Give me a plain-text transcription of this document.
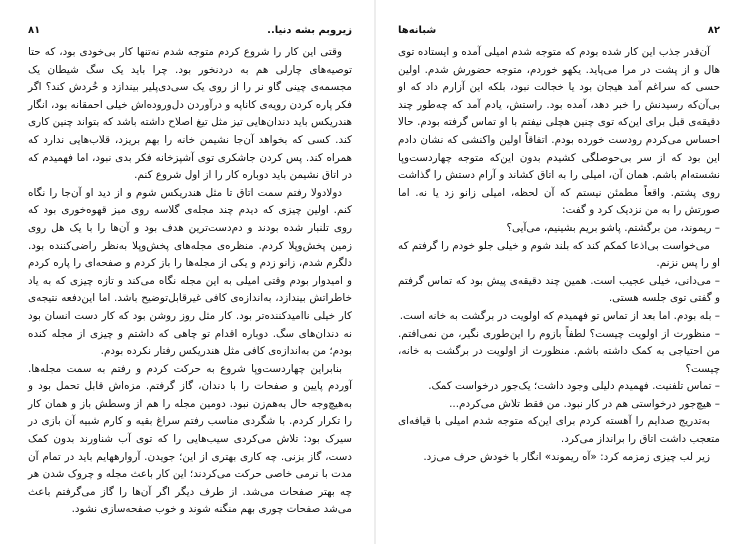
زیروبم بشه دنیا..
۸۱

وقتی این کار را شروع کردم متوجه شدم نه‌تنها کار بی‌خودی بود، که حتا توصیه‌های چارلی هم به دردنخور بود. چرا باید یک سگ شیطان یک مجسمه‌ی چینی گاو نر را از روی یک سی‌دی‌پلیر بیندازد و خُردش کند؟ اگر فکر پاره کردن رویه‌ی کاناپه و درآوردن دل‌وروده‌اش خیلی احمقانه بود، انگار هندریکس باید دندان‌هایی تیز مثل تیغ اصلاح داشته باشد که بتواند چنین کاری کند. کسی که بخواهد آن‌جا نشیمن خانه را بهم بریزد، قلاب‌هایی ندارد که همراه کند. پس کردن جاشکری توی آشپزخانه فکر بدی نبود، اما فهمیدم که در اتاق نشیمن باید دوباره کار را از اول شروع کنم.

دولادولا رفتم سمت اتاق تا مثل هندریکس شوم و از دید او آن‌جا را نگاه کنم. اولین چیزی که دیدم چند مجله‌ی گلاسه روی میز قهوه‌خوری بود که روی تلنبار شده بودند و دم‌دست‌ترین هدف بود و آن‌ها را با یک هل روی زمین پخش‌وپلا کردم. منظره‌ی مجله‌های پخش‌وپلا به‌نظر راضی‌کننده بود. دلگرم شدم، زانو زدم و یکی از مجله‌ها را باز کردم و صفحه‌ای را پاره کردم و امیدوار بودم وقتی امیلی به این مجله نگاه می‌کند و تازه چیزی که به یاد خاطراتش بیندازد، به‌اندازه‌ی کافی غیرقابل‌توضیح باشد. اما این‌دفعه نتیجه‌ی کار خیلی ناامیدکننده‌تر بود. کار مثل روز روشن بود که کار دست انسان بود نه دندان‌های سگ. دوباره اقدام تو چاهی که داشتم و چیزی از مجله کنده بودم؛ من به‌اندازه‌ی کافی مثل هندریکس رفتار نکرده بودم.

بنابراین چهاردست‌وپا شروع به حرکت کردم و رفتم به سمت مجله‌ها. آوردم پایین و صفحات را با دندان، گاز گرفتم. مزه‌اش قابل تحمل بود و به‌هیچ‌وجه حال به‌هم‌زن نبود. دومین مجله را هم از وسطش باز و همان کار را تکرار کردم. با شگردی مناسب رفتم سراغ بقیه و کارم شبیه آن بازی در سیرک بود: تلاش می‌کردی سیب‌هایی را که توی آب شناورند بدون کمک دست، گاز بزنی. چه کاری بهتری از این؛ جویدن. آروارههایم باید در تمام آن مدت با نرمی خاصی حرکت می‌کردند؛ این کار باعث مجله و چروک شدن هر چه بهتر صفحات می‌شد. از طرف دیگر اگر آن‌ها را گاز می‌گرفتم باعث می‌شد صفحات چوری بهم منگنه شوند و خوب صفحه‌سازی نشود.

۸۲
شبانه‌ها

آن‌قدر جذب این کار شده بودم که متوجه شدم امیلی آمده و ایستاده توی هال و از پشت در مرا می‌پاید. یکهو خوردم، متوجه حضورش شدم. اولین حسی که سراغم آمد هیجان بود یا خجالت نبود، بلکه این آزارم داد که او بی‌آن‌که رسیدنش را خبر دهد، آمده بود. راستش، یادم آمد که چه‌طور چند دقیقه‌ی قبل برای این‌که توی چنین هچلی نیفتم با او تماس گرفته بودم. حالا احساس می‌کردم رودست خورده بودم. اتفاقاً اولین واکنشی که نشان دادم این بود که از سر بی‌حوصلگی کشیدم بدون این‌که متوجه چهاردست‌وپا نشسته‌ام باشم. همان آن، امیلی را به اتاق کشاند و آرام دستش را گذاشت روی پشتم. واقعاً مطمئن نیستم که آن لحظه، امیلی زانو زد یا نه. اما صورتش را به من نزدیک کرد و گفت:

– ریموند، من برگشتم. پاشو بریم بشینیم، می‌آیی؟

می‌خواست بی‌اذعا کمکم کند که بلند شوم و خیلی جلو خودم را گرفتم که او را پس نزنم.

– می‌دانی، خیلی عجیب است. همین چند دقیقه‌ی پیش بود که تماس گرفتم و گفتی توی جلسه هستی.

– بله بودم. اما بعد از تماس تو فهمیدم که اولویت در برگشت به خانه است.

– منظورت از اولویت چیست؟ لطفاً بازوم را این‌طوری نگیر، من نمی‌افتم. من احتیاجی به کمک داشته باشم. منظورت از اولویت در برگشت به خانه، چیست؟

– تماس تلفنیت. فهمیدم دلیلی وجود داشت؛ یک‌جور درخواست کمک.

– هیچ‌جور درخواستی هم در کار نبود. من فقط تلاش می‌کردم...

به‌تدریج صدایم را آهسته کردم برای این‌که متوجه شدم امیلی با قیافه‌ای متعجب داشت اتاق را برانداز می‌کرد.

زیر لب چیزی زمزمه کرد: «آه ریموند» انگار با خودش حرف می‌زد.
